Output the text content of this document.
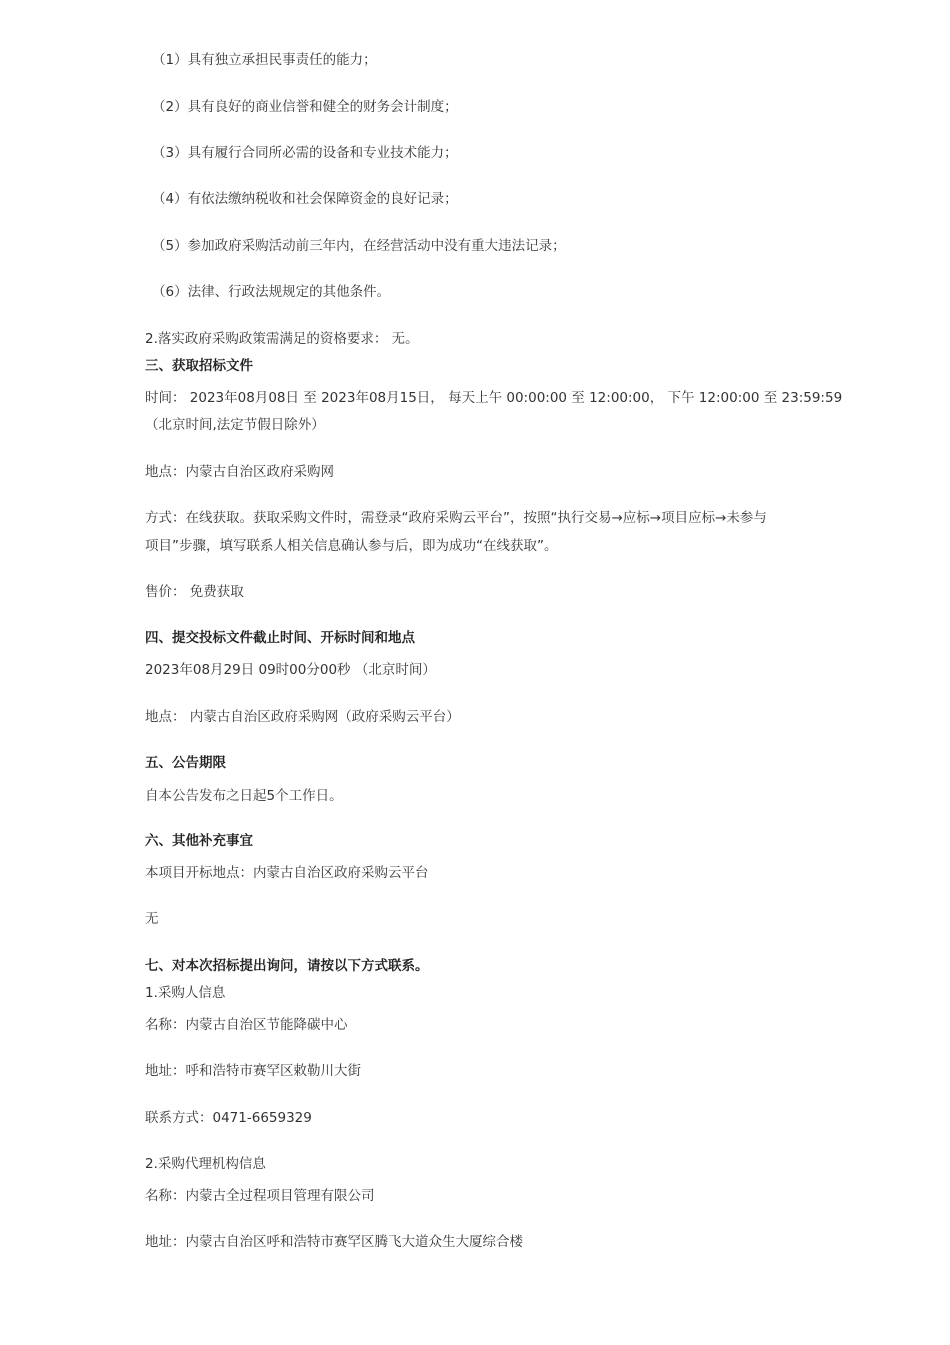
（1）具有独立承担民事责任的能力；
（2）具有良好的商业信誉和健全的财务会计制度；
（3）具有履行合同所必需的设备和专业技术能力；
（4）有依法缴纳税收和社会保障资金的良好记录；
（5）参加政府采购活动前三年内，在经营活动中没有重大违法记录；
（6）法律、行政法规规定的其他条件。
2.落实政府采购政策需满足的资格要求： 无。
三、获取招标文件
时间： 2023年08月08日 至 2023年08月15日， 每天上午 00:00:00 至 12:00:00， 下午 12:00:00 至 23:59:59
（北京时间,法定节假日除外）
地点：内蒙古自治区政府采购网
方式：在线获取。获取采购文件时，需登录“政府采购云平台”，按照“执行交易→应标→项目应标→未参与
项目”步骤，填写联系人相关信息确认参与后，即为成功“在线获取”。
售价： 免费获取
四、提交投标文件截止时间、开标时间和地点
2023年08月29日 09时00分00秒 （北京时间）
地点： 内蒙古自治区政府采购网（政府采购云平台）
五、公告期限
自本公告发布之日起5个工作日。
六、其他补充事宜
本项目开标地点：内蒙古自治区政府采购云平台
无
七、对本次招标提出询问，请按以下方式联系。
1.采购人信息
名称：内蒙古自治区节能降碳中心
地址：呼和浩特市赛罕区敕勒川大街
联系方式：0471-6659329
2.采购代理机构信息
名称：内蒙古全过程项目管理有限公司
地址：内蒙古自治区呼和浩特市赛罕区腾飞大道众生大厦综合楼
